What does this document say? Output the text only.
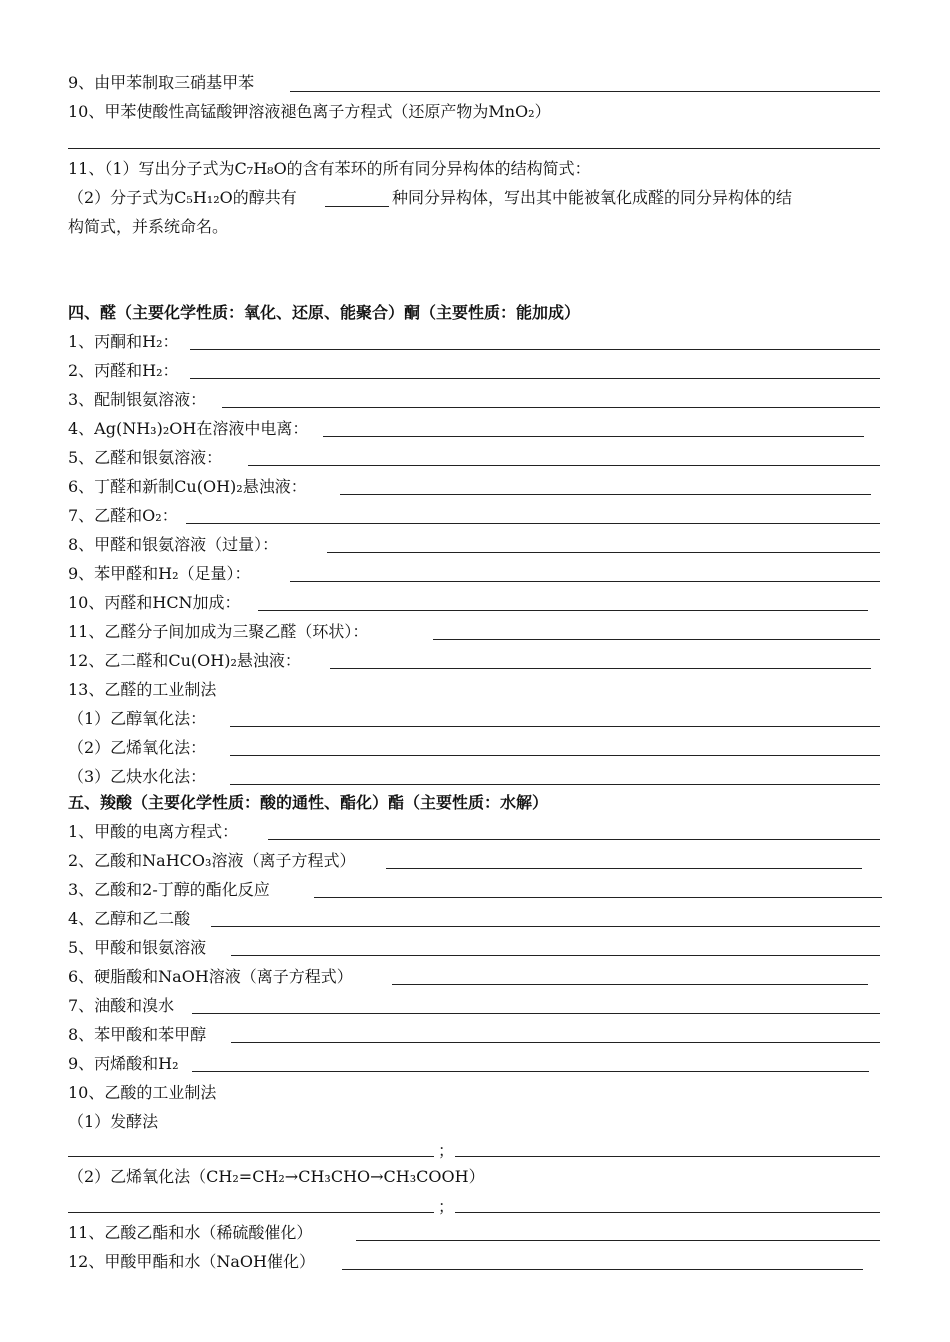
9、由甲苯制取三硝基甲苯
10、甲苯使酸性高锰酸钾溶液褪色离子方程式（还原产物为MnO₂）
11、（1）写出分子式为C₇H₈O的含有苯环的所有同分异构体的结构简式：
（2）分子式为C₅H₁₂O的醇共有	种同分异构体，写出其中能被氧化成醛的同分异构体的结
构简式，并系统命名。
四、醛（主要化学性质：氧化、还原、能聚合）酮（主要性质：能加成）
1、丙酮和H₂：
2、丙醛和H₂：
3、配制银氨溶液：
4、Ag(NH₃)₂OH在溶液中电离：
5、乙醛和银氨溶液：
6、丁醛和新制Cu(OH)₂悬浊液：
7、乙醛和O₂：
8、甲醛和银氨溶液（过量）：
9、苯甲醛和H₂（足量）：
10、丙醛和HCN加成：
11、乙醛分子间加成为三聚乙醛（环状）：
12、乙二醛和Cu(OH)₂悬浊液：
13、乙醛的工业制法
（1）乙醇氧化法：
（2）乙烯氧化法：
（3）乙炔水化法：
五、羧酸（主要化学性质：酸的通性、酯化）酯（主要性质：水解）
1、甲酸的电离方程式：
2、乙酸和NaHCO₃溶液（离子方程式）
3、乙酸和2-丁醇的酯化反应
4、乙醇和乙二酸
5、甲酸和银氨溶液
6、硬脂酸和NaOH溶液（离子方程式）
7、油酸和溴水
8、苯甲酸和苯甲醇
9、丙烯酸和H₂
10、乙酸的工业制法
（1）发酵法
；
（2）乙烯氧化法（CH₂=CH₂→CH₃CHO→CH₃COOH）
；
11、乙酸乙酯和水（稀硫酸催化）
12、甲酸甲酯和水（NaOH催化）
